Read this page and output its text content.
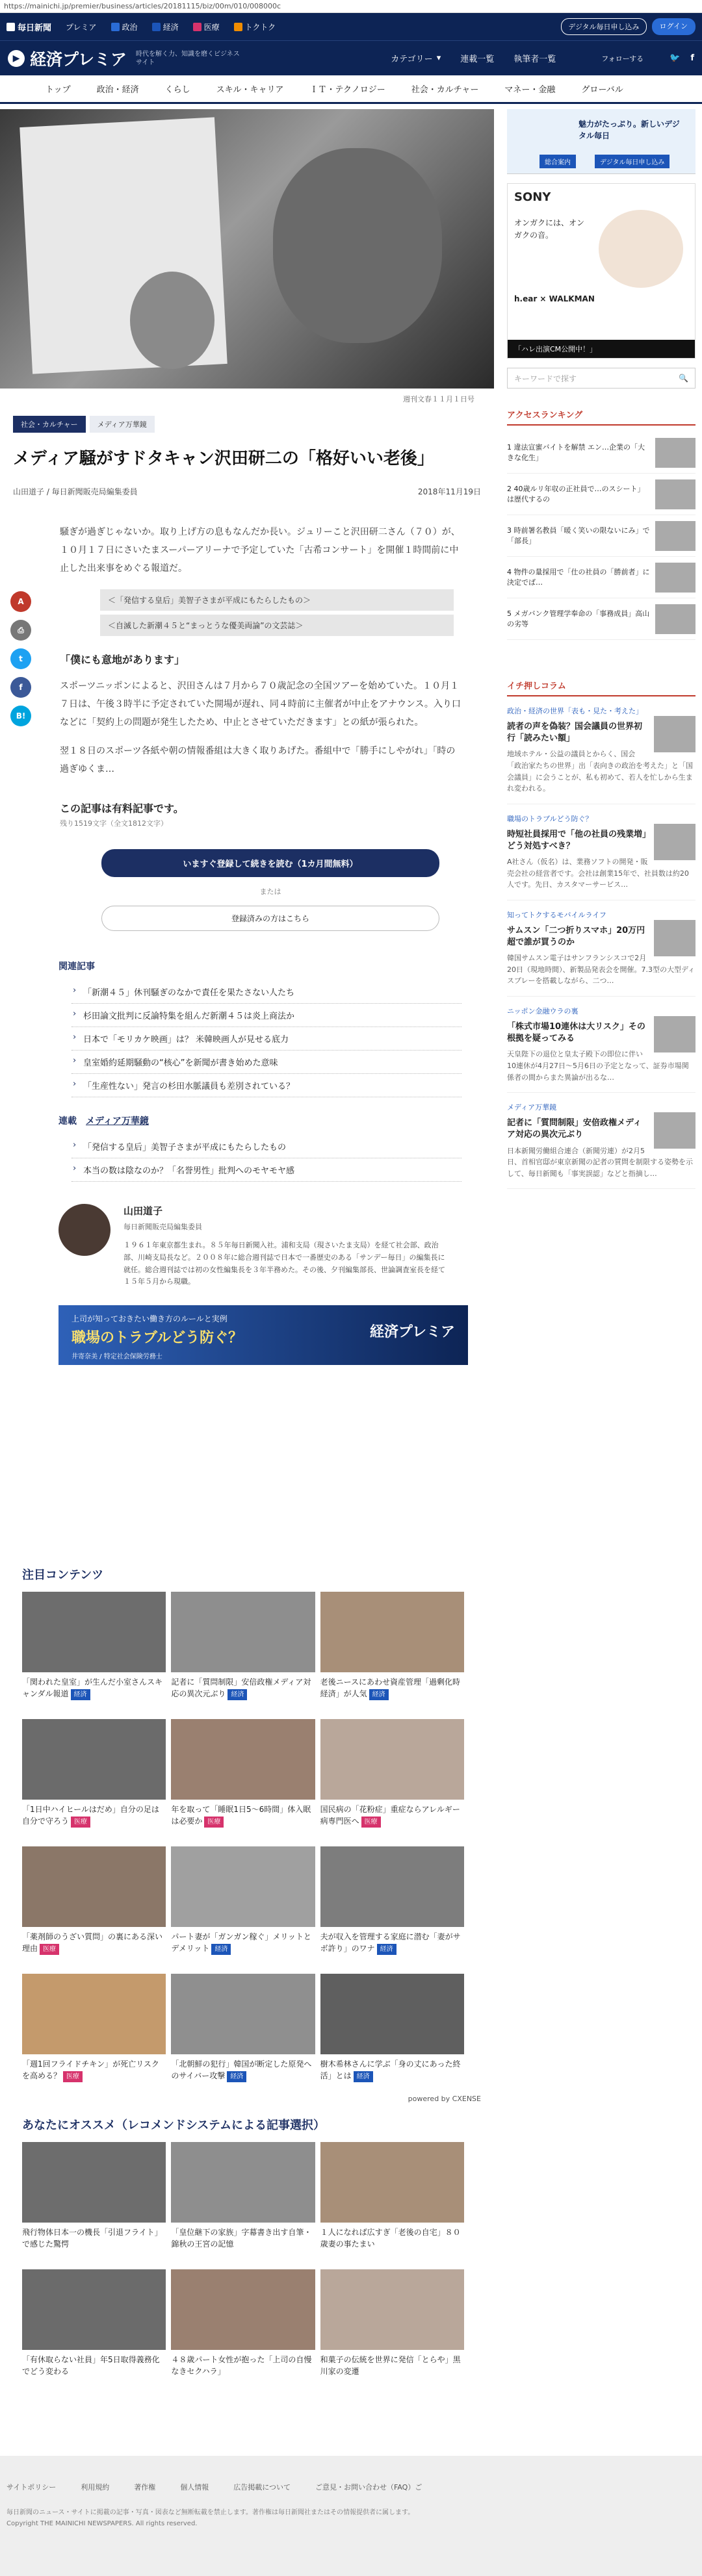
https://mainichi.jp/premier/business/articles/20181115/biz/00m/010/008000c
毎日新聞 プレミア	政治	経済	医療	トクトク	デジタル毎日申し込み	ログイン
▶ 経済プレミア 時代を解く力、知識を磨くビジネスサイト	カテゴリー ▾ 連載一覧 執筆者一覧	フォローする	🐦 f
トップ	政治・経済	くらし	スキル・キャリア	ＩＴ・テクノロジー	社会・カルチャー	マネー・金融	グローバル
週刊文春１１月１日号
A
⎙
t
f
B!
社会・カルチャー	メディア万華鏡
メディア騒がすドタキャン沢田研二の「格好いい老後」
山田道子 / 毎日新聞販売局編集委員	2018年11月19日

騒ぎが過ぎじゃないか。取り上げ方の息もなんだか長い。ジュリーこと沢田研二さん（７０）が、１０月１７日にさいたまスーパーアリーナで予定していた「古希コンサート」を開催１時間前に中止した出来事をめぐる報道だ。

＜「発信する皇后」美智子さまが平成にもたらしたもの＞
＜自滅した新潮４５と“まっとうな優美両論”の文芸誌＞
「僕にも意地があります」

スポーツニッポンによると、沢田さんは７月から７０歳記念の全国ツアーを始めていた。１０月１７日は、午後３時半に予定されていた開場が遅れ、同４時前に主催者が中止をアナウンス。入り口などに「契約上の問題が発生したため、中止とさせていただきます」との紙が張られた。

翌１８日のスポーツ各紙や朝の情報番組は大きく取りあげた。番組中で「勝手にしやがれ」「時の過ぎゆくま…

この記事は有料記事です。
残り1519文字（全文1812文字）
いますぐ登録して続きを読む（1カ月間無料）
または
登録済みの方はこちら
関連記事
› 「新潮４５」休刊騒ぎのなかで責任を果たさない人たち
› 杉田論文批判に反論特集を組んだ新潮４５は炎上商法か
› 日本で「モリカケ映画」は？ 米韓映画人が見せる底力
› 皇室婚約延期騒動の“核心”を新聞が書き始めた意味
› 「生産性ない」発言の杉田水脈議員も差別されている？
連載　 メディア万華鏡
› 「発信する皇后」美智子さまが平成にもたらしたもの
› 本当の数は陰なのか？「名誉男性」批判へのモヤモヤ感
山田道子
毎日新聞販売局編集委員
１９６１年東京都生まれ。８５年毎日新聞入社。浦和支局（現さいたま支局）を経て社会部、政治部、川崎支局長など。２００８年に総合週刊誌で日本で一番歴史のある「サンデー毎日」の編集長に就任。総合週刊誌では初の女性編集長を３年半務めた。その後、夕刊編集部長、世論調査室長を経て１５年５月から現職。
上司が知っておきたい働き方のルールと実例
職場のトラブルどう防ぐ？
井寄奈美 / 特定社会保険労務士
経済プレミア
注目コンテンツ
「関われた皇室」が生んだ小室さんスキャンダル報道 経済
記者に「質問制限」安倍政権メディア対応の異次元ぶり 経済
老後ニースにあわせ資産管理「過剰化時経済」が人気 経済
「1日中ハイヒールはだめ」自分の足は自分で守ろう 医療
年を取って「睡眠1日5～6時間」体入眠は必要か 医療
国民病の「花粉症」重症ならアレルギー病専門医へ 医療
「薬剤師のうざい質問」の裏にある深い理由 医療
パート妻が「ガンガン稼ぐ」メリットとデメリット 経済
夫が収入を管理する家庭に潜む「妻がサボ許り」のワナ 経済
「週1回フライドチキン」が死亡リスクを高める？ 医療
「北朝鮮の犯行」韓国が断定した原発へのサイバー攻撃 経済
樹木希林さんに学ぶ「身の丈にあった終活」とは 経済
powered by CXENSE
あなたにオススメ（レコメンドシステムによる記事選択）
飛行物体日本一の機長「引退フライト」で感じた驚愕
「皇位継下の家族」字幕書き出す自筆・錦秋の王宮の記憶
１人になれば広すぎ「老後の自宅」８０歳妻の事たまい
「有休取らない社員」年5日取得義務化でどう変わる
４８歳パート女性が抱った「上司の自慢なきセクハラ」
和菓子の伝統を世界に発信「とらや」黒川家の変遷
魅力がたっぷり。新しいデジタル毎日
総合案内	デジタル毎日申し込み
SONY
オンガクには、オンガクの音。
h.ear × WALKMAN
「ハレ出演CM公開中！」
キーワードで探す	🔍
アクセスランキング
1 違法宣蜜バイトを解禁 エン…企業の「大きな化生」
2 40歳ルリ年収の正社員で…のスシート」は歴代するの
3 時前署名教員「暖く笑いの限ないにみ」で「部長」
4 物件の量採用で「仕の社員の「勝前者」に決定でば…
5 メガバンク管理学奉命の「事務成員」高山の劣等
イチ押しコラム
政治・経済の世界「表も・見た・考えた」
読者の声を偽装？国会議員の世界初行「読みたい額」
地域ホテル・公益の議員とからく、国会「政治家たちの世界」出「表向きの政治を考えた」と「国会議員」に会うことが、私も初めて、若人を忙しから生まれ変われる。
職場のトラブルどう防ぐ？
時短社員採用で「他の社員の残業増」どう対処すべき？
A社さん（仮名）は、業務ソフトの開発・販売会社の経営者です。会社は創業15年で、社員数は約20人です。先日、カスタマーサービス…
知ってトクするモバイルライフ
サムスン「二つ折りスマホ」20万円超で誰が買うのか
韓国サムスン電子はサンフランシスコで2月20日（現地時間）、新製品発表会を開催。7.3型の大型ディスプレーを搭載しながら、二つ…
ニッポン金融ウラの裏
「株式市場10連休は大リスク」その根拠を疑ってみる
天皇陛下の退位と皇太子殿下の即位に伴い10連休が4月27日～5月6日の予定となって、証券市場関係者の間からまた異論が出るな…
メディア万華鏡
記者に「質問制限」安倍政権メディア対応の異次元ぶり
日本新聞労働組合連合（新聞労連）が2月5日、首相官邸が東京新聞の記者の質問を制限する姿勢を示して、毎日新聞も「事実誤認」などと指摘し…
サイトポリシー	利用規約	著作権	個人情報	広告掲載について	ご意見・お問い合わせ（FAQ）ご
毎日新聞のニュース・サイトに掲載の記事・写真・図表など無断転載を禁止します。著作権は毎日新聞社またはその情報提供者に属します。
Copyright THE MAINICHI NEWSPAPERS. All rights reserved.
